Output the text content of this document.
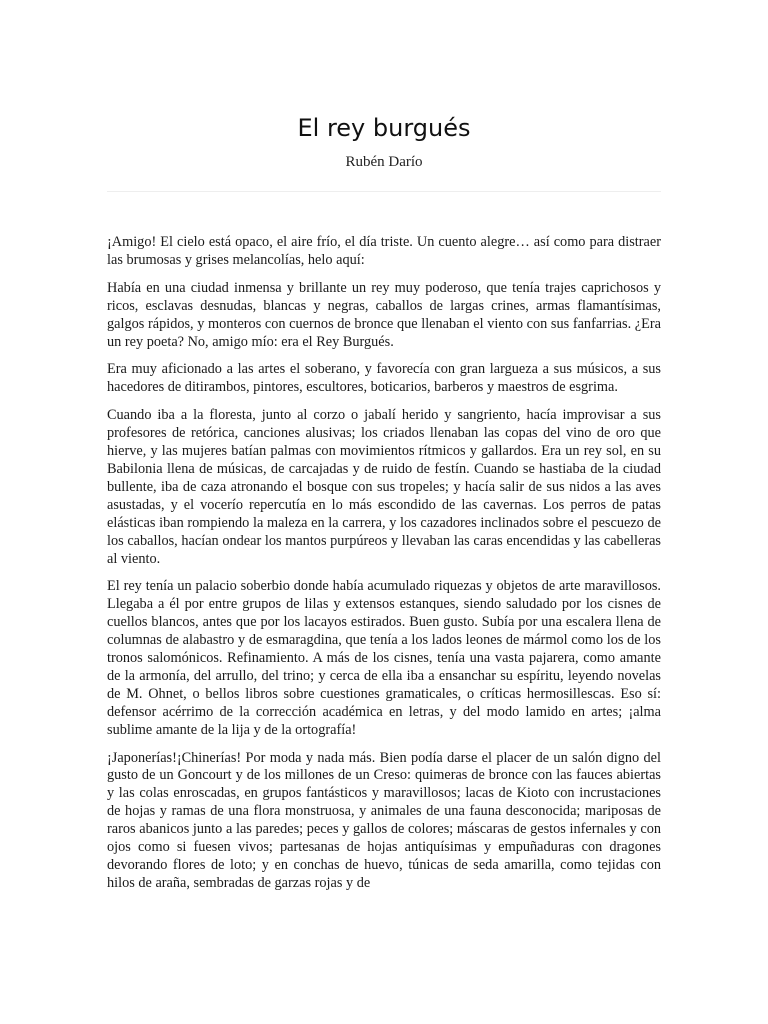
El rey burgués

Rubén Darío

¡Amigo! El cielo está opaco, el aire frío, el día triste. Un cuento alegre… así como para distraer las brumosas y grises melancolías, helo aquí:

Había en una ciudad inmensa y brillante un rey muy poderoso, que tenía trajes caprichosos y ricos, esclavas desnudas, blancas y negras, caballos de largas crines, armas flamantísimas, galgos rápidos, y monteros con cuernos de bronce que llenaban el viento con sus fanfarrias. ¿Era un rey poeta? No, amigo mío: era el Rey Burgués.

Era muy aficionado a las artes el soberano, y favorecía con gran largueza a sus músicos, a sus hacedores de ditirambos, pintores, escultores, boticarios, barberos y maestros de esgrima.

Cuando iba a la floresta, junto al corzo o jabalí herido y sangriento, hacía improvisar a sus profesores de retórica, canciones alusivas; los criados llenaban las copas del vino de oro que hierve, y las mujeres batían palmas con movimientos rítmicos y gallardos. Era un rey sol, en su Babilonia llena de músicas, de carcajadas y de ruido de festín. Cuando se hastiaba de la ciudad bullente, iba de caza atronando el bosque con sus tropeles; y hacía salir de sus nidos a las aves asustadas, y el vocerío repercutía en lo más escondido de las cavernas. Los perros de patas elásticas iban rompiendo la maleza en la carrera, y los cazadores inclinados sobre el pescuezo de los caballos, hacían ondear los mantos purpúreos y llevaban las caras encendidas y las cabelleras al viento.

El rey tenía un palacio soberbio donde había acumulado riquezas y objetos de arte maravillosos. Llegaba a él por entre grupos de lilas y extensos estanques, siendo saludado por los cisnes de cuellos blancos, antes que por los lacayos estirados. Buen gusto. Subía por una escalera llena de columnas de alabastro y de esmaragdina, que tenía a los lados leones de mármol como los de los tronos salomónicos. Refinamiento. A más de los cisnes, tenía una vasta pajarera, como amante de la armonía, del arrullo, del trino; y cerca de ella iba a ensanchar su espíritu, leyendo novelas de M. Ohnet, o bellos libros sobre cuestiones gramaticales, o críticas hermosillescas. Eso sí: defensor acérrimo de la corrección académica en letras, y del modo lamido en artes; ¡alma sublime amante de la lija y de la ortografía!

¡Japonerías!¡Chinerías! Por moda y nada más. Bien podía darse el placer de un salón digno del gusto de un Goncourt y de los millones de un Creso: quimeras de bronce con las fauces abiertas y las colas enroscadas, en grupos fantásticos y maravillosos; lacas de Kioto con incrustaciones de hojas y ramas de una flora monstruosa, y animales de una fauna desconocida; mariposas de raros abanicos junto a las paredes; peces y gallos de colores; máscaras de gestos infernales y con ojos como si fuesen vivos; partesanas de hojas antiquísimas y empuñaduras con dragones devorando flores de loto; y en conchas de huevo, túnicas de seda amarilla, como tejidas con hilos de araña, sembradas de garzas rojas y de
